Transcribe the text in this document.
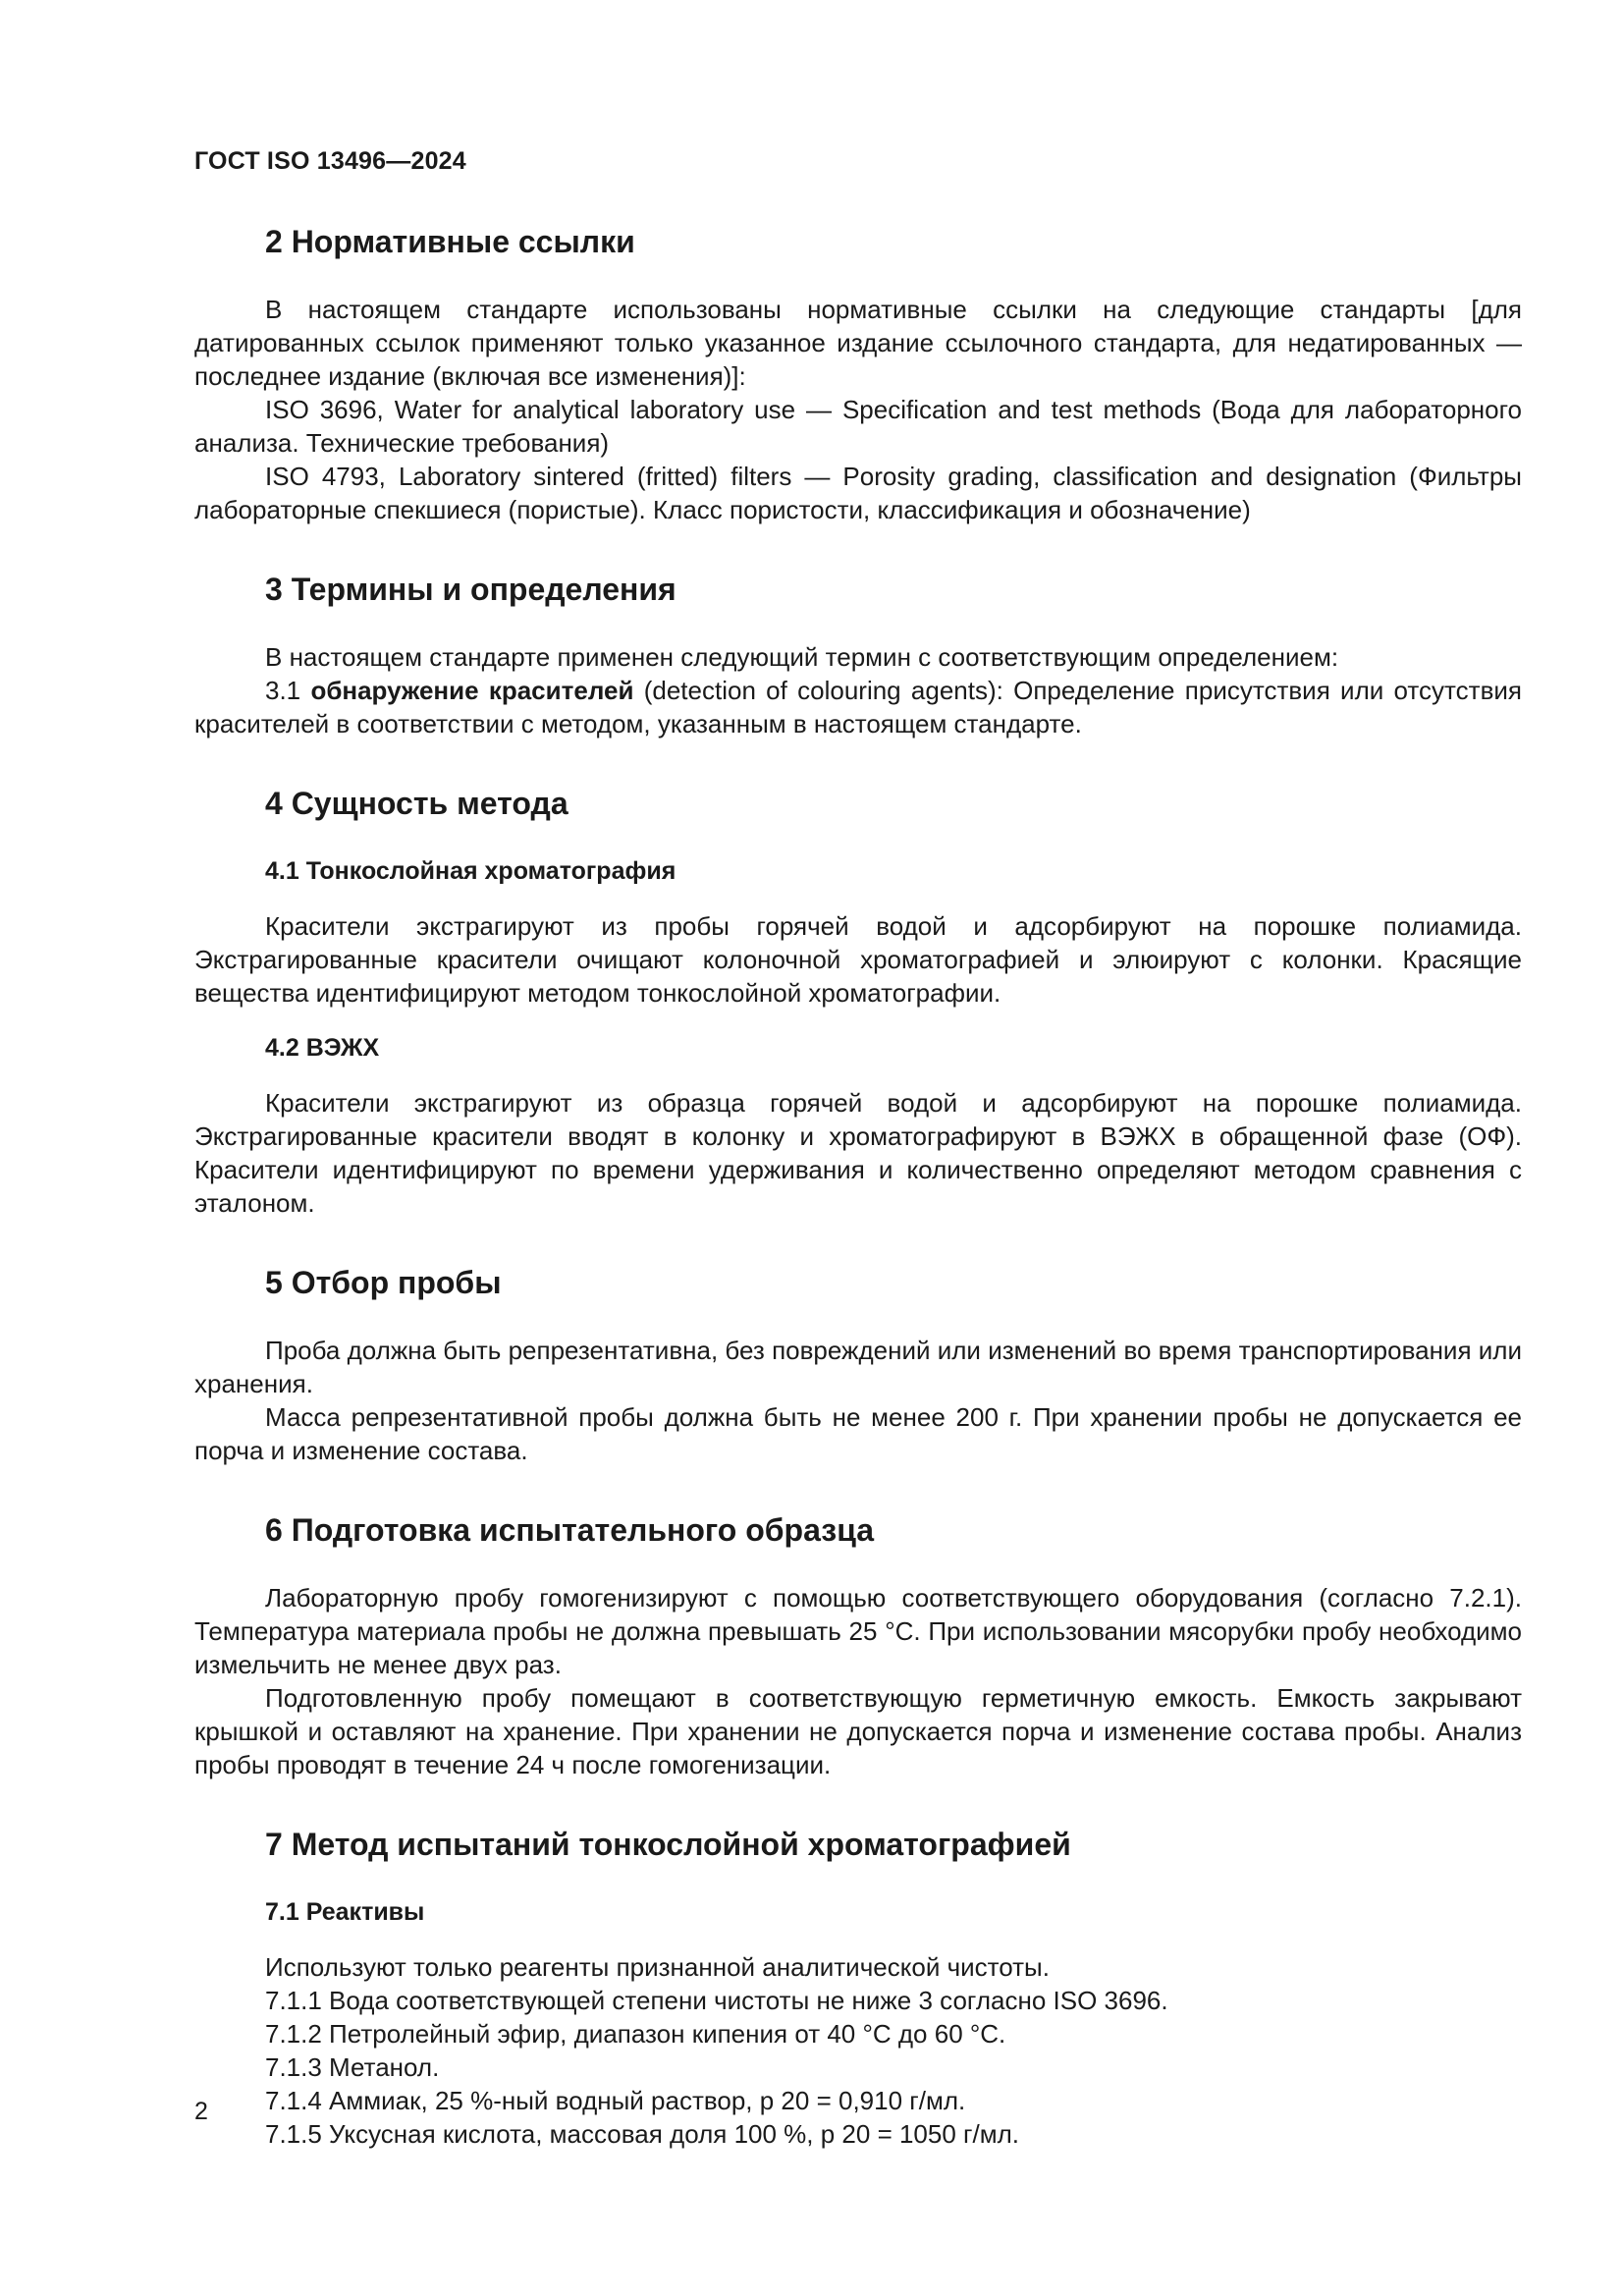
ГОСТ ISO 13496—2024
2 Нормативные ссылки

В настоящем стандарте использованы нормативные ссылки на следующие стандарты [для датированных ссылок применяют только указанное издание ссылочного стандарта, для недатированных — последнее издание (включая все изменения)]:

ISO 3696, Water for analytical laboratory use — Specification and test methods (Вода для лабораторного анализа. Технические требования)

ISO 4793, Laboratory sintered (fritted) filters — Porosity grading, classification and designation (Фильтры лабораторные спекшиеся (пористые). Класс пористости, классификация и обозначение)

3 Термины и определения

В настоящем стандарте применен следующий термин с соответствующим определением:

3.1 обнаружение красителей (detection of colouring agents): Определение присутствия или отсутствия красителей в соответствии с методом, указанным в настоящем стандарте.

4 Сущность метода
4.1 Тонкослойная хроматография

Красители экстрагируют из пробы горячей водой и адсорбируют на порошке полиамида. Экстрагированные красители очищают колоночной хроматографией и элюируют с колонки. Красящие вещества идентифицируют методом тонкослойной хроматографии.

4.2 ВЭЖХ

Красители экстрагируют из образца горячей водой и адсорбируют на порошке полиамида. Экстрагированные красители вводят в колонку и хроматографируют в ВЭЖХ в обращенной фазе (ОФ). Красители идентифицируют по времени удерживания и количественно определяют методом сравнения с эталоном.

5 Отбор пробы

Проба должна быть репрезентативна, без повреждений или изменений во время транспортирования или хранения.

Масса репрезентативной пробы должна быть не менее 200 г. При хранении пробы не допускается ее порча и изменение состава.

6 Подготовка испытательного образца

Лабораторную пробу гомогенизируют с помощью соответствующего оборудования (согласно 7.2.1). Температура материала пробы не должна превышать 25 °C. При использовании мясорубки пробу необходимо измельчить не менее двух раз.

Подготовленную пробу помещают в соответствующую герметичную емкость. Емкость закрывают крышкой и оставляют на хранение. При хранении не допускается порча и изменение состава пробы. Анализ пробы проводят в течение 24 ч после гомогенизации.

7 Метод испытаний тонкослойной хроматографией
7.1 Реактивы

Используют только реагенты признанной аналитической чистоты.

7.1.1 Вода соответствующей степени чистоты не ниже 3 согласно ISO 3696.

7.1.2 Петролейный эфир, диапазон кипения от 40 °C до 60 °C.

7.1.3 Метанол.

7.1.4 Аммиак, 25 %-ный водный раствор, р 20 = 0,910 г/мл.

7.1.5 Уксусная кислота, массовая доля 100 %, р 20 = 1050 г/мл.

2
